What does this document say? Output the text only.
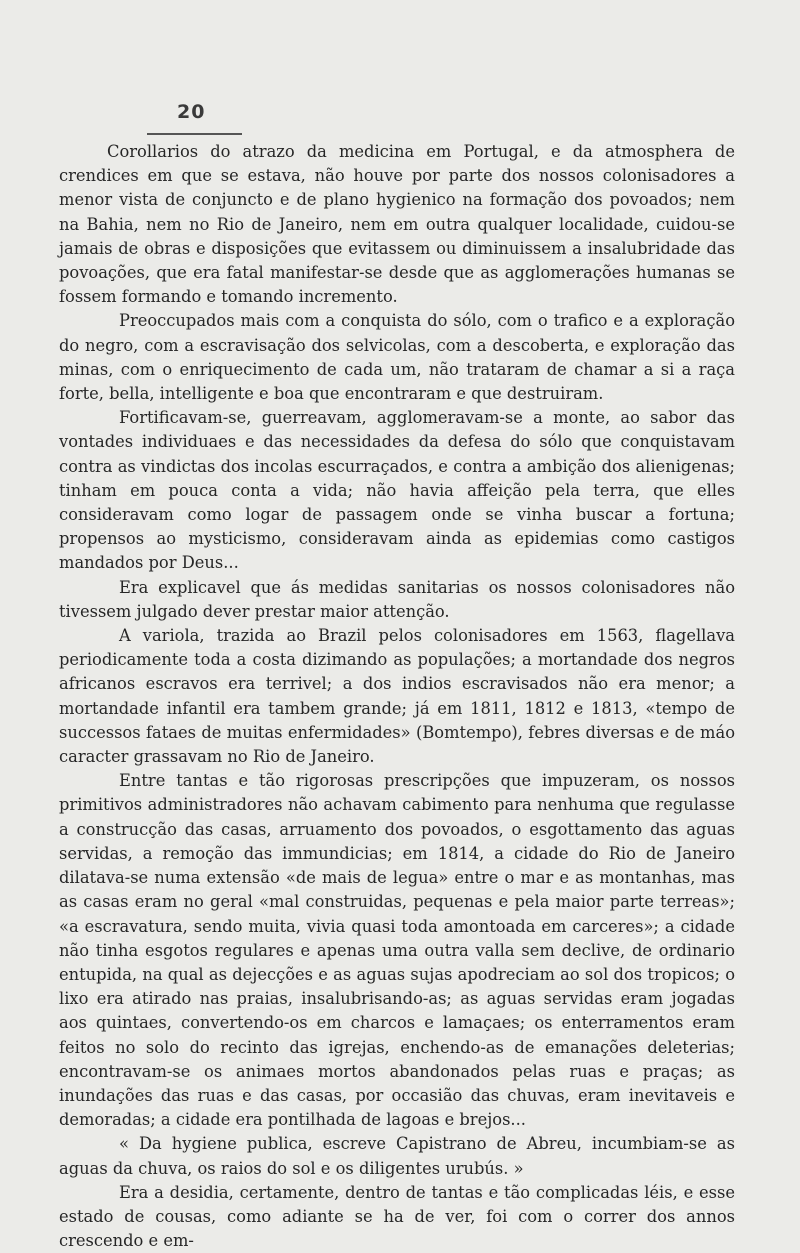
20

Corollarios do atrazo da medicina em Portugal, e da atmosphera de crendices em que se estava, não houve por parte dos nossos colonisadores a menor vista de conjuncto e de plano hygienico na formação dos povoados; nem na Bahia, nem no Rio de Janeiro, nem em outra qualquer localidade, cuidou-se jamais de obras e disposições que evitassem ou diminuissem a insalubridade das povoações, que era fatal manifestar-se desde que as agglomerações humanas se fossem formando e tomando incremento.

Preoccupados mais com a conquista do sólo, com o trafico e a exploração do negro, com a escravisação dos selvicolas, com a descoberta, e exploração das minas, com o enriquecimento de cada um, não trataram de chamar a si a raça forte, bella, intelligente e boa que encontraram e que destruiram.

Fortificavam-se, guerreavam, agglomeravam-se a monte, ao sabor das vontades individuaes e das necessidades da defesa do sólo que conquistavam contra as vindictas dos incolas escurraçados, e contra a ambição dos alienigenas; tinham em pouca conta a vida; não havia affeição pela terra, que elles consideravam como logar de passagem onde se vinha buscar a fortuna; propensos ao mysticismo, consideravam ainda as epidemias como castigos mandados por Deus...

Era explicavel que ás medidas sanitarias os nossos colonisadores não tivessem julgado dever prestar maior attenção.

A variola, trazida ao Brazil pelos colonisadores em 1563, flagellava periodicamente toda a costa dizimando as populações; a mortandade dos negros africanos escravos era terrivel; a dos indios escravisados não era menor; a mortandade infantil era tambem grande; já em 1811, 1812 e 1813, «tempo de successos fataes de muitas enfermidades» (Bomtempo), febres diversas e de máo caracter grassavam no Rio de Janeiro.

Entre tantas e tão rigorosas prescripções que impuzeram, os nossos primitivos administradores não achavam cabimento para nenhuma que regulasse a construcção das casas, arruamento dos povoados, o esgottamento das aguas servidas, a remoção das immundicias; em 1814, a cidade do Rio de Janeiro dilatava-se numa extensão «de mais de legua» entre o mar e as montanhas, mas as casas eram no geral «mal construidas, pequenas e pela maior parte terreas»; «a escravatura, sendo muita, vivia quasi toda amontoada em carceres»; a cidade não tinha esgotos regulares e apenas uma outra valla sem declive, de ordinario entupida, na qual as dejecções e as aguas sujas apodreciam ao sol dos tropicos; o lixo era atirado nas praias, insalubrisando-as; as aguas servidas eram jogadas aos quintaes, convertendo-os em charcos e lamaçaes; os enterramentos eram feitos no solo do recinto das igrejas, enchendo-as de emanações deleterias; encontravam-se os animaes mortos abandonados pelas ruas e praças; as inundações das ruas e das casas, por occasião das chuvas, eram inevitaveis e demoradas; a cidade era pontilhada de lagoas e brejos...

« Da hygiene publica, escreve Capistrano de Abreu, incumbiam-se as aguas da chuva, os raios do sol e os diligentes urubús. »

Era a desidia, certamente, dentro de tantas e tão complicadas léis, e esse estado de cousas, como adiante se ha de ver, foi com o correr dos annos crescendo e em-
